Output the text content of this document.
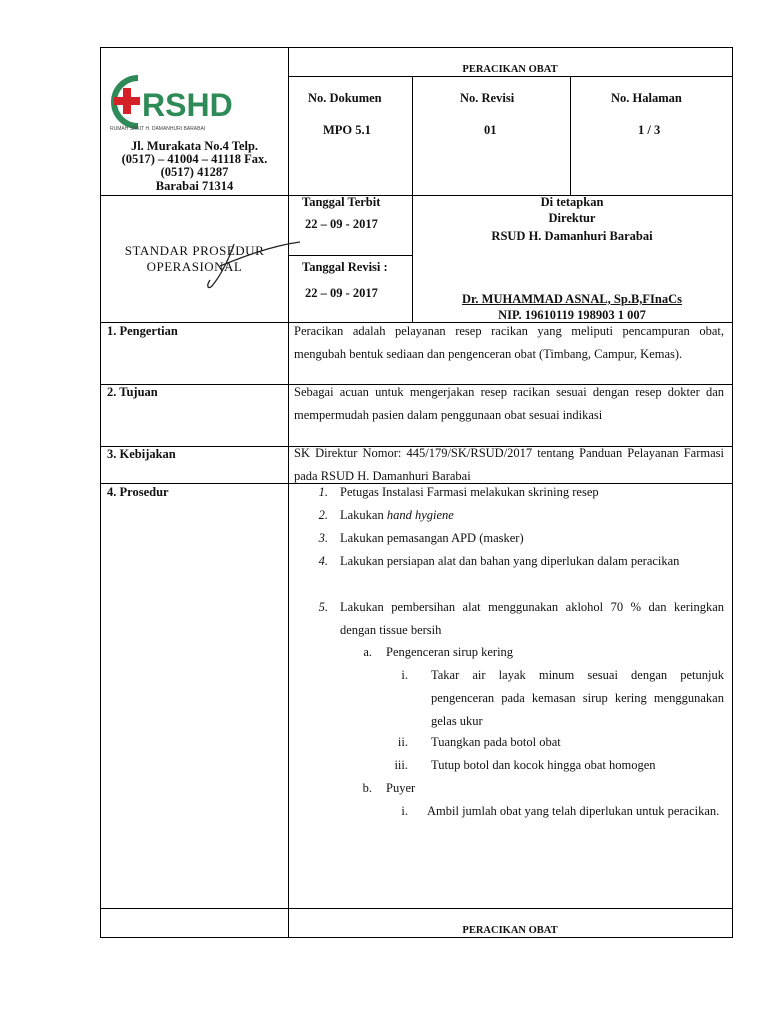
RSHD
RUMAH SAKIT H. DAMANHURI BARABAI
Jl. Murakata No.4 Telp.
(0517) – 41004 – 41118 Fax.
(0517) 41287
Barabai 71314
PERACIKAN OBAT
No. Dokumen
MPO 5.1
No. Revisi
01
No. Halaman
1 / 3
STANDAR PROSEDUR
OPERASIONAL
Tanggal Terbit
22 – 09 - 2017
Tanggal Revisi :
22 – 09 - 2017
Di tetapkan
Direktur
RSUD H. Damanhuri Barabai
Dr. MUHAMMAD ASNAL, Sp.B,FInaCs
NIP. 19610119 198903 1 007
1. Pengertian
2. Tujuan
3. Kebijakan
4. Prosedur
Peracikan adalah pelayanan resep racikan yang meliputi pencampuran obat, mengubah bentuk sediaan dan pengenceran obat (Timbang, Campur, Kemas).
Sebagai acuan untuk mengerjakan resep racikan sesuai dengan resep dokter dan mempermudah pasien dalam penggunaan obat sesuai indikasi
SK Direktur Nomor: 445/179/SK/RSUD/2017 tentang Panduan Pelayanan Farmasi pada RSUD H. Damanhuri Barabai
1. Petugas Instalasi Farmasi melakukan skrining resep
2. Lakukan hand hygiene
3. Lakukan pemasangan APD (masker)
4. Lakukan persiapan alat dan bahan yang diperlukan dalam peracikan
5. Lakukan pembersihan alat menggunakan aklohol 70 % dan keringkan dengan tissue bersih
a. Pengenceran sirup kering
i. Takar air layak minum sesuai dengan petunjuk pengenceran pada kemasan sirup kering menggunakan gelas ukur
ii. Tuangkan pada botol obat
iii. Tutup botol dan kocok hingga obat homogen
b. Puyer
i. Ambil jumlah obat yang telah diperlukan untuk peracikan.
PERACIKAN OBAT
